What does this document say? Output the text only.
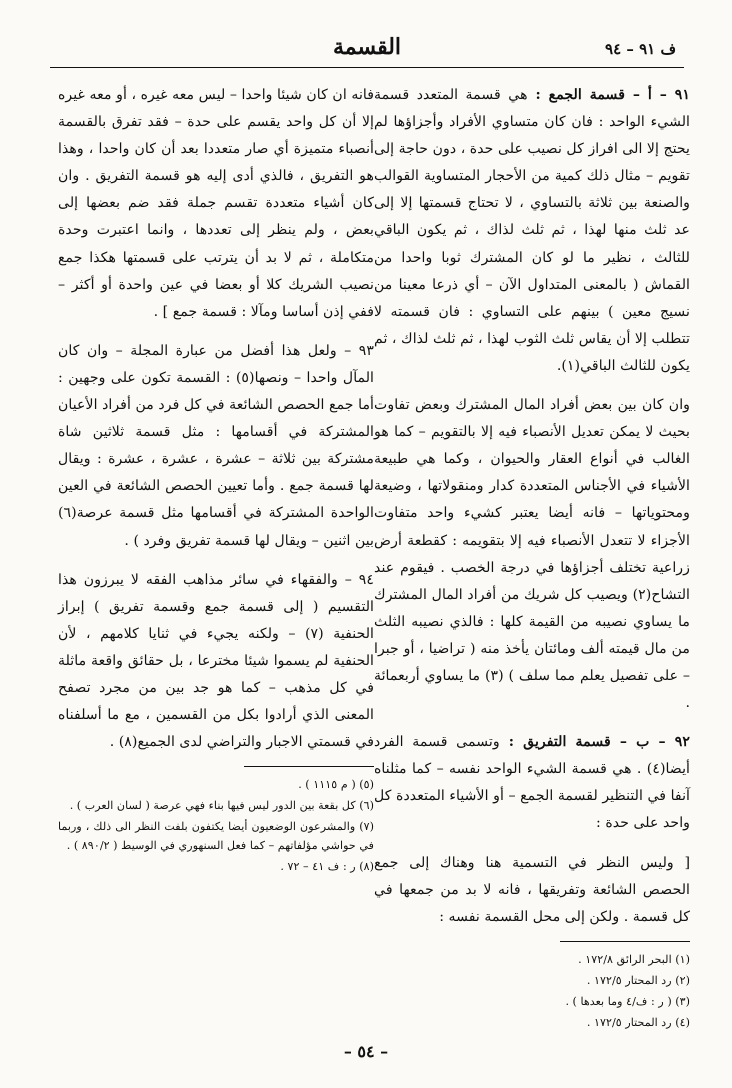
ف ٩١ – ٩٤
القسمة

٩١ – أ – قسمة الجمع : هي قسمة المتعدد قسمة الشيء الواحد : فان كان متساوي الأفراد وأجزاؤها لم يحتج إلا الى افراز كل نصيب على حدة ، دون حاجة إلى تقويم – مثال ذلك كمية من الأحجار المتساوية القوالب والصنعة بين ثلاثة بالتساوي ، لا تحتاج قسمتها إلا إلى عد ثلث منها لهذا ، ثم ثلث لذاك ، ثم يكون الباقي للثالث ، نظير ما لو كان المشترك ثوبا واحدا من القماش ( بالمعنى المتداول الآن – أي ذرعا معينا من نسيج معين ) بينهم على التساوي : فان قسمته لا تتطلب إلا أن يقاس ثلث الثوب لهذا ، ثم ثلث لذاك ، ثم يكون للثالث الباقي(١).

وان كان بين بعض أفراد المال المشترك وبعض تفاوت بحيث لا يمكن تعديل الأنصباء فيه إلا بالتقويم – كما هو الغالب في أنواع العقار والحيوان ، وكما هي طبيعة الأشياء في الأجناس المتعددة كدار ومنقولاتها ، وضيعة ومحتوياتها – فانه أيضا يعتبر كشيء واحد متفاوت الأجزاء لا تتعدل الأنصباء فيه إلا بتقويمه : كقطعة أرض زراعية تختلف أجزاؤها في درجة الخصب . فيقوم عند التشاح(٢) ويصيب كل شريك من أفراد المال المشترك ما يساوي نصيبه من القيمة كلها : فالذي نصيبه الثلث من مال قيمته ألف ومائتان يأخذ منه ( تراضيا ، أو جبرا – على تفصيل يعلم مما سلف ) (٣) ما يساوي أربعمائة .

٩٢ – ب – قسمة التفريق : وتسمى قسمة الفرد أيضا(٤) . هي قسمة الشيء الواحد نفسه – كما مثلناه آنفا في التنظير لقسمة الجمع – أو الأشياء المتعددة كل واحد على حدة :

[ وليس النظر في التسمية هنا وهناك إلى جمع الحصص الشائعة وتفريقها ، فانه لا بد من جمعها في كل قسمة . ولكن إلى محل القسمة نفسه :

(١) البحر الرائق ١٧٢/٨ .
(٢) رد المحتار ١٧٢/٥ .
(٣) ( ر : ف/٤ وما بعدها ) .
(٤) رد المحتار ١٧٢/٥ .

فانه ان كان شيئا واحدا – ليس معه غيره ، أو معه غيره إلا أن كل واحد يقسم على حدة – فقد تفرق بالقسمة أنصباء متميزة أي صار متعددا بعد أن كان واحدا ، وهذا هو التفريق ، فالذي أدى إليه هو قسمة التفريق . وان كان أشياء متعددة تقسم جملة فقد ضم بعضها إلى بعض ، ولم ينظر إلى تعددها ، وانما اعتبرت وحدة متكاملة ، ثم لا بد أن يترتب على قسمتها هكذا جمع نصيب الشريك كلا أو بعضا في عين واحدة أو أكثر – ففي إذن أساسا ومآلا : قسمة جمع ] .

٩٣ – ولعل هذا أفضل من عبارة المجلة – وان كان المآل واحدا – ونصها(٥) : القسمة تكون على وجهين : أما جمع الحصص الشائعة في كل فرد من أفراد الأعيان المشتركة في أقسامها : مثل قسمة ثلاثين شاة مشتركة بين ثلاثة – عشرة ، عشرة ، عشرة : ويقال لها قسمة جمع . وأما تعيين الحصص الشائعة في العين الواحدة المشتركة في أقسامها مثل قسمة عرصة(٦) بين اثنين – ويقال لها قسمة تفريق وفرد ) .

٩٤ – والفقهاء في سائر مذاهب الفقه لا يبرزون هذا التقسيم ( إلى قسمة جمع وقسمة تفريق ) إبراز الحنفية (٧) – ولكنه يجيء في ثنايا كلامهم ، لأن الحنفية لم يسموا شيئا مخترعا ، بل حقائق واقعة ماثلة في كل مذهب – كما هو جد بين من مجرد تصفح المعنى الذي أرادوا بكل من القسمين ، مع ما أسلفناه في قسمتي الاجبار والتراضي لدى الجميع(٨) .

(٥) ( م ١١١٥ ) .
(٦) كل بقعة بين الدور ليس فيها بناء فهي عرصة ( لسان العرب ) .
(٧) والمشرعون الوضعيون أيضا يكتفون بلفت النظر الى ذلك ، وربما في حواشي مؤلفاتهم – كما فعل السنهوري في الوسيط ( ٨٩٠/٢ ) .
(٨) ر : ف ٤١ – ٧٢ .
– ٥٤ –
